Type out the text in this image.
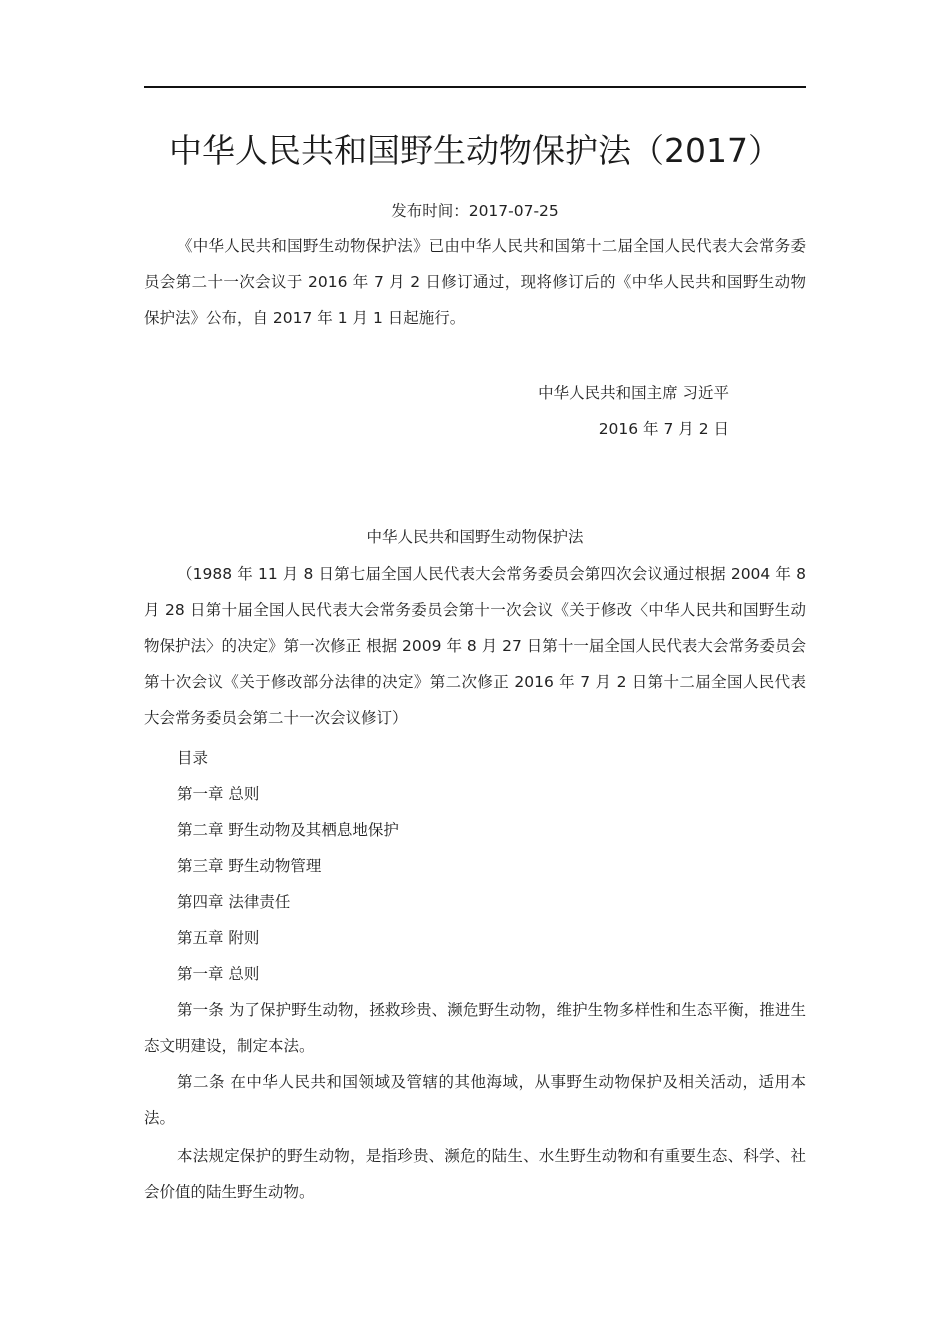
中华人民共和国野生动物保护法（2017）
发布时间：2017-07-25
《中华人民共和国野生动物保护法》已由中华人民共和国第十二届全国人民代表大会常务委员会第二十一次会议于 2016 年 7 月 2 日修订通过，现将修订后的《中华人民共和国野生动物保护法》公布，自 2017 年 1 月 1 日起施行。
中华人民共和国主席 习近平
2016 年 7 月 2 日
中华人民共和国野生动物保护法
（1988 年 11 月 8 日第七届全国人民代表大会常务委员会第四次会议通过根据 2004 年 8 月 28 日第十届全国人民代表大会常务委员会第十一次会议《关于修改〈中华人民共和国野生动物保护法〉的决定》第一次修正 根据 2009 年 8 月 27 日第十一届全国人民代表大会常务委员会第十次会议《关于修改部分法律的决定》第二次修正 2016 年 7 月 2 日第十二届全国人民代表大会常务委员会第二十一次会议修订）
目录
第一章 总则
第二章 野生动物及其栖息地保护
第三章 野生动物管理
第四章 法律责任
第五章 附则
第一章 总则
第一条 为了保护野生动物，拯救珍贵、濒危野生动物，维护生物多样性和生态平衡，推进生态文明建设，制定本法。
第二条 在中华人民共和国领域及管辖的其他海域，从事野生动物保护及相关活动，适用本法。
本法规定保护的野生动物，是指珍贵、濒危的陆生、水生野生动物和有重要生态、科学、社会价值的陆生野生动物。
